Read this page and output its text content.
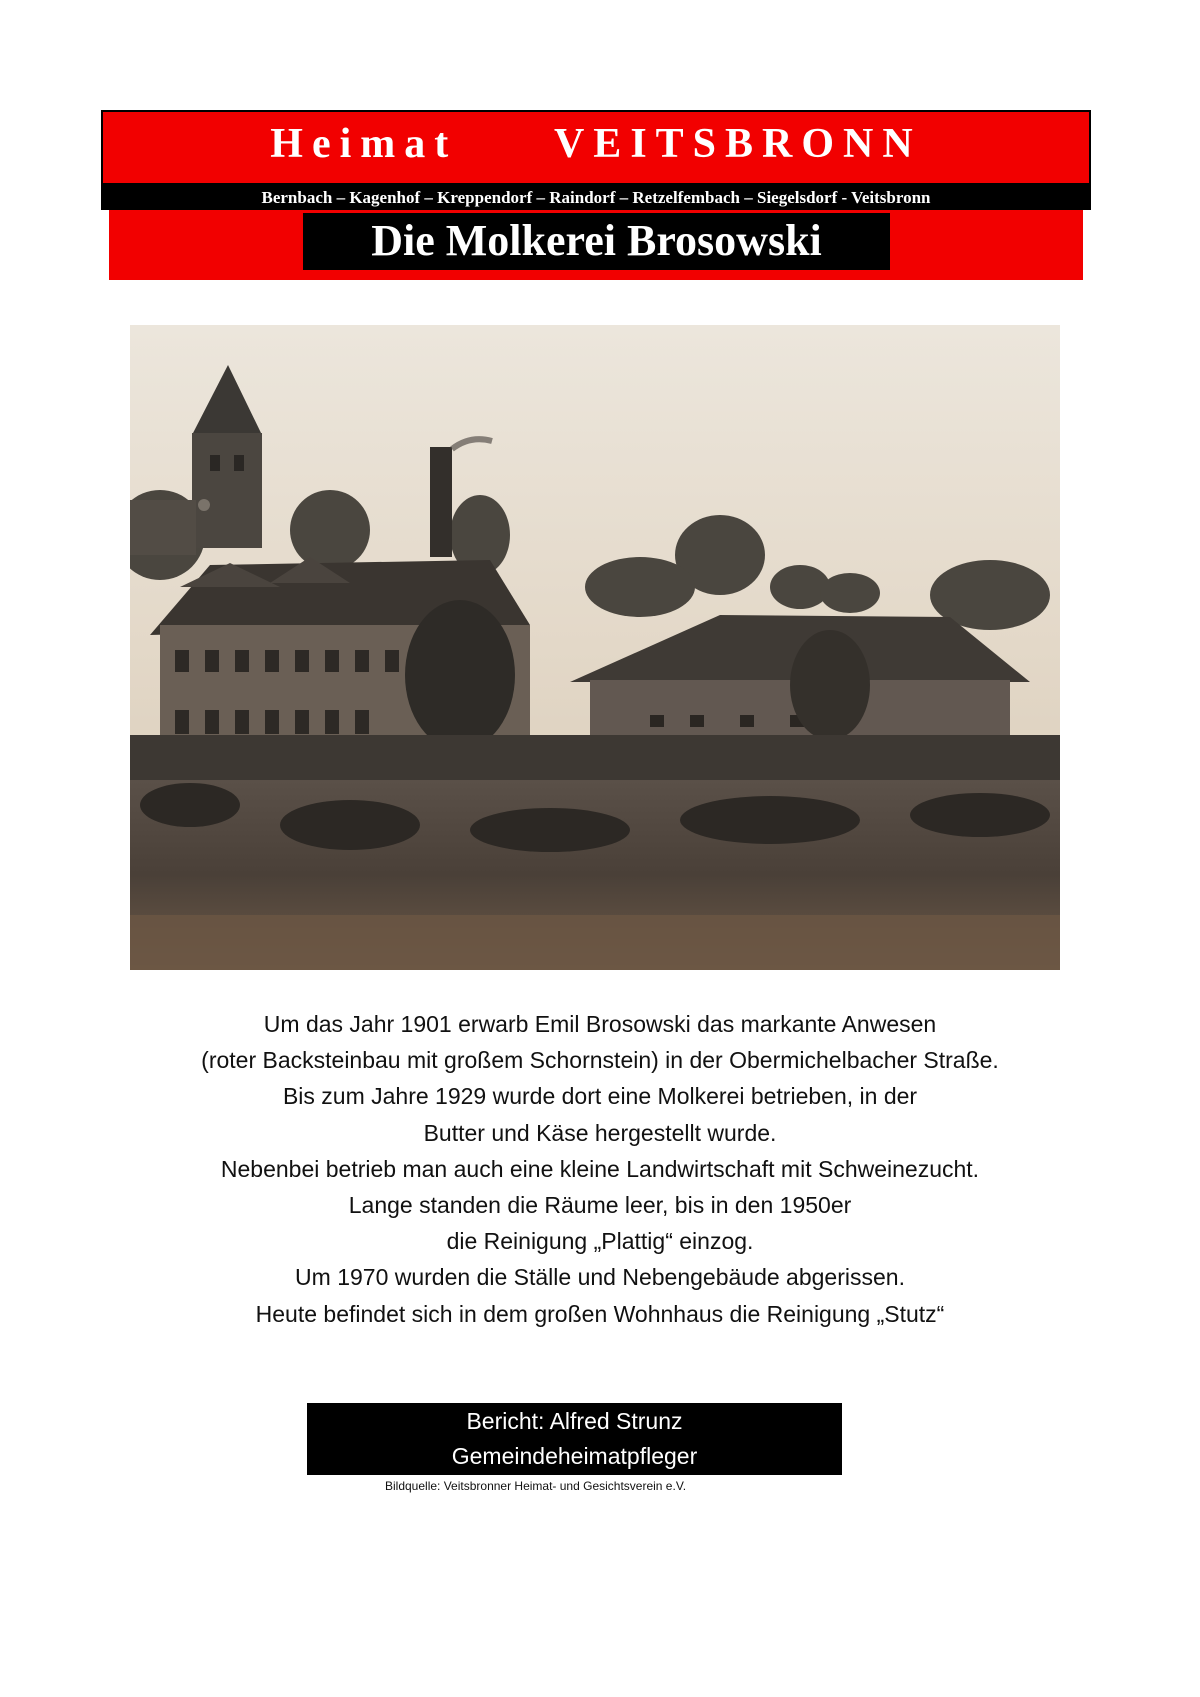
Heimat     VEITSBRONN
Bernbach – Kagenhof – Kreppendorf – Raindorf – Retzelfembach – Siegelsdorf - Veitsbronn
Die Molkerei Brosowski
Um das Jahr 1901 erwarb Emil Brosowski das markante Anwesen
(roter Backsteinbau mit großem Schornstein) in der Obermichelbacher Straße.
Bis zum Jahre 1929 wurde dort eine Molkerei betrieben, in der
Butter und Käse hergestellt wurde.
Nebenbei betrieb man auch eine kleine Landwirtschaft mit Schweinezucht.
Lange standen die Räume leer, bis in den 1950er
die Reinigung „Plattig“ einzog.
Um 1970 wurden die Ställe und Nebengebäude abgerissen.
Heute befindet sich in dem großen Wohnhaus die Reinigung „Stutz“
Bericht: Alfred Strunz
Gemeindeheimatpfleger
Bildquelle: Veitsbronner Heimat- und Gesichtsverein e.V.
